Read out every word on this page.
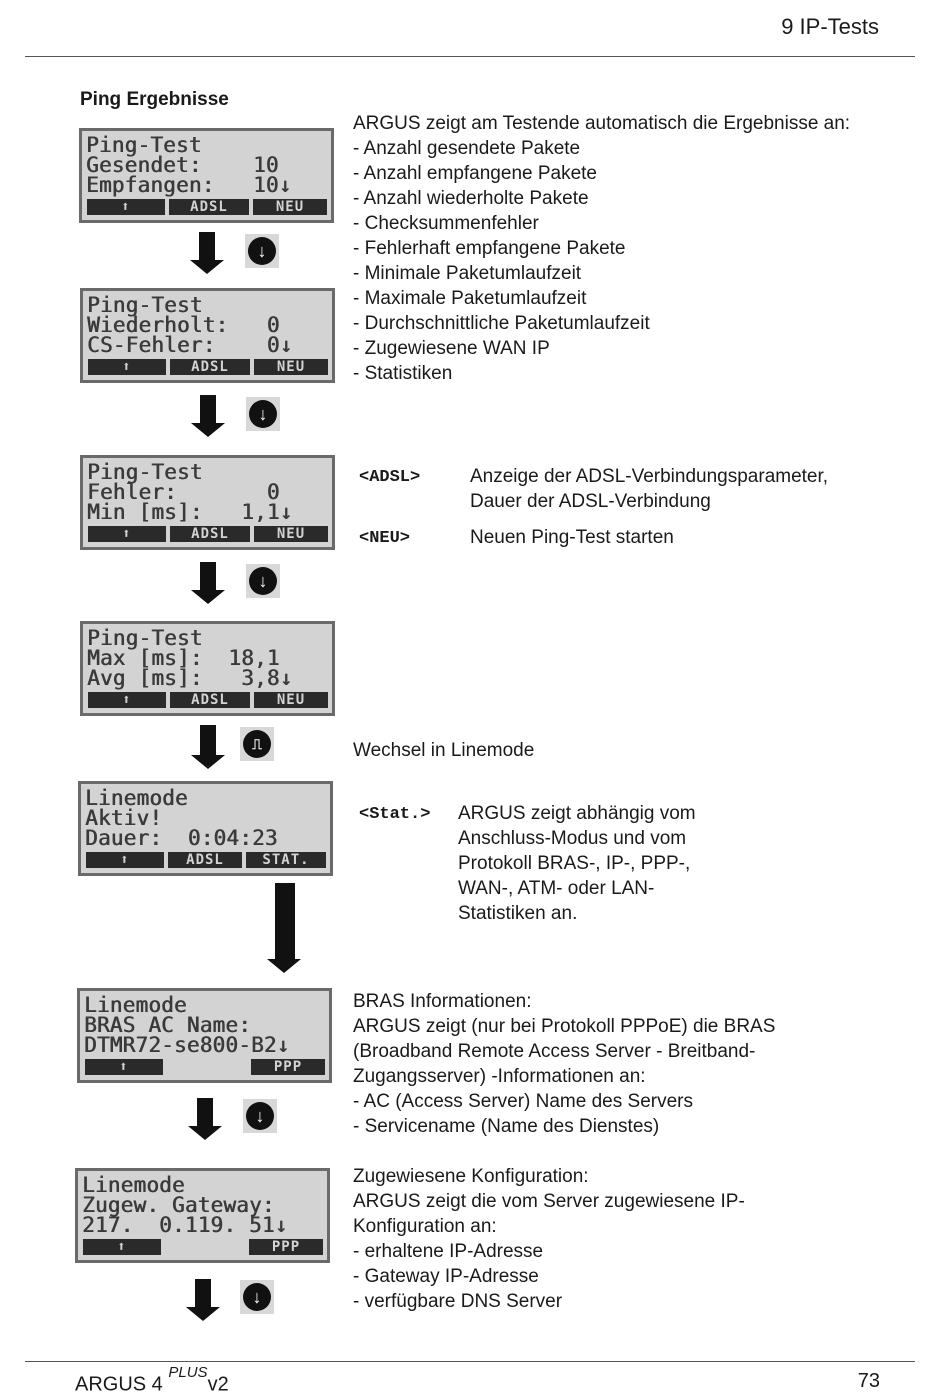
9 IP-Tests
Ping Ergebnisse
ARGUS zeigt am Testende automatisch die Ergebnisse an:
- Anzahl gesendete Pakete
- Anzahl empfangene Pakete
- Anzahl wiederholte Pakete
- Checksummenfehler
- Fehlerhaft empfangene Pakete
- Minimale Paketumlaufzeit
- Maximale Paketumlaufzeit
- Durchschnittliche Paketumlaufzeit
- Zugewiesene WAN IP
- Statistiken
<ADSL>	Anzeige der ADSL-Verbindungsparameter,
Dauer der ADSL-Verbindung
<NEU>	Neuen Ping-Test starten
Wechsel in Linemode
<Stat.> ARGUS zeigt abhängig vom
Anschluss-Modus und vom
Protokoll BRAS-, IP-, PPP-,
WAN-, ATM- oder LAN-
Statistiken an.
BRAS Informationen:
ARGUS zeigt (nur bei Protokoll PPPoE) die BRAS
(Broadband Remote Access Server - Breitband-
Zugangsserver) -Informationen an:
- AC (Access Server) Name des Servers
- Servicename (Name des Dienstes)
Zugewiesene Konfiguration:
ARGUS zeigt die vom Server zugewiesene IP-
Konfiguration an:
- erhaltene IP-Adresse
- Gateway IP-Adresse
- verfügbare DNS Server
Ping-Test
Gesendet:    10
Empfangen:   10↓
⬆	ADSL	NEU
Ping-Test
Wiederholt:   0
CS-Fehler:    0↓
⬆	ADSL	NEU
Ping-Test
Fehler:       0
Min [ms]:   1,1↓
⬆	ADSL	NEU
Ping-Test
Max [ms]:  18,1
Avg [ms]:   3,8↓
⬆	ADSL	NEU
Linemode
Aktiv!
Dauer:  0:04:23
⬆	ADSL	STAT.
Linemode
BRAS AC Name:
DTMR72-se800-B2↓
⬆	PPP
Linemode
Zugew. Gateway:
217.  0.119. 51↓
⬆	PPP
↓
↓
↓
⎍
↓
↓
ARGUS 4 $^{PLUS}$v2	73
